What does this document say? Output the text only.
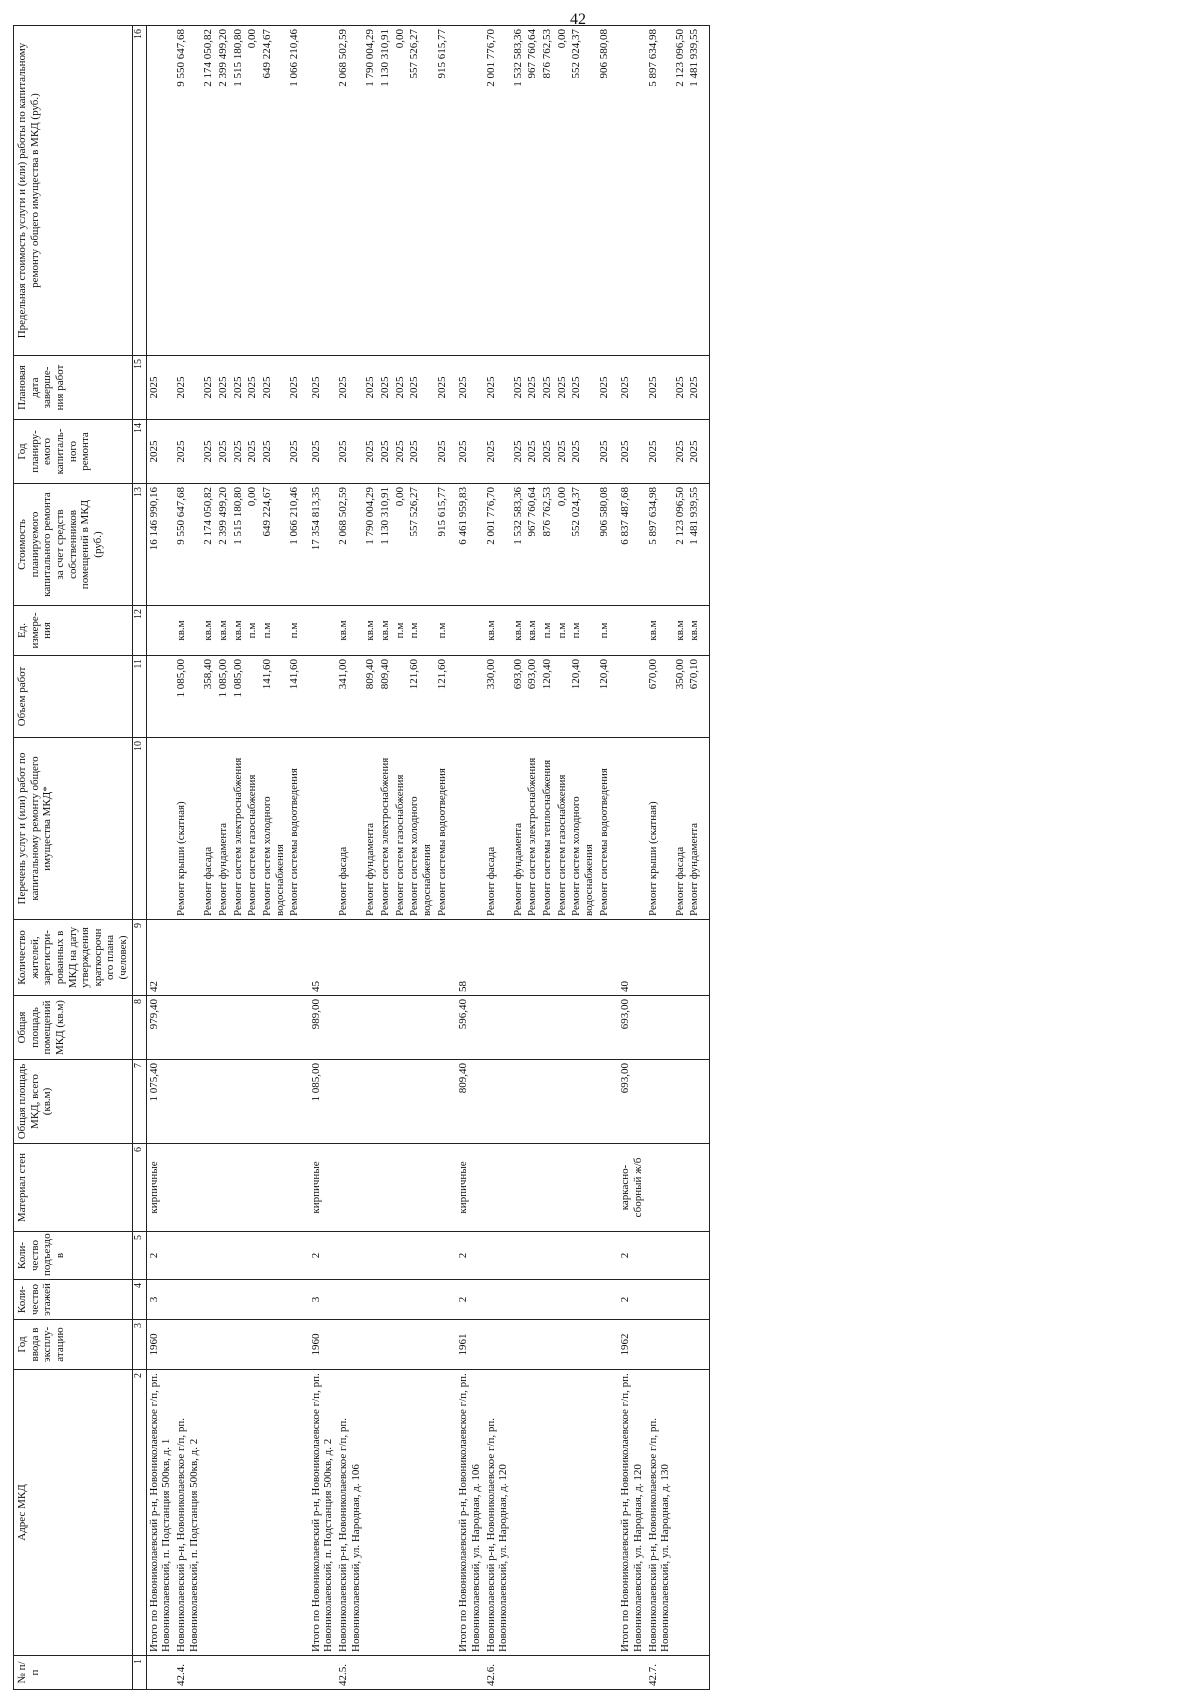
42
№ п/п	Адрес МКД	Год ввода в эксплу-атацию	Коли-чество этажей	Коли-чество подъездо в	Материал стен	Общая площадь МКД, всего (кв.м)	Общая площадь помещений МКД (кв.м)	Количество жителей, зарегистри-рованных в МКД на дату утверждения краткосрочн ого плана (человек)	Перечень услуг и (или) работ по капитальному ремонту общего имущества МКД*	Объем работ	Ед. измере-ния	Стоимость планируемого капитального ремонта за счет средств собственников помещений в МКД (руб.)	Год планиру-емого капиталь-ного ремонта	Плановая дата заверше-ния работ	Предельная стоимость услуги и (или) работы по капитальному ремонту общего имущества в МКД (руб.)
1	2	3	4	5	6	7	8	9	10	11	12	13	14	15	16
	Итого по Новониколаевский р-н, Новониколаевское г/п, рп. Новониколаевский, п. Подстанция 500кв, д. 1	1960	3	2	кирпичные	1 075,40	979,40	42				16 146 990,16	2025	2025	
42.4.	Новониколаевский р-н, Новониколаевское г/п, рп. Новониколаевский, п. Подстанция 500кв, д. 2								Ремонт крыши (скатная)	1 085,00	кв.м	9 550 647,68	2025	2025	9 550 647,68
									Ремонт фасада	358,40	кв.м	2 174 050,82	2025	2025	2 174 050,82
									Ремонт фундамента	1 085,00	кв.м	2 399 499,20	2025	2025	2 399 499,20
									Ремонт систем электроснабжения	1 085,00	кв.м	1 515 180,80	2025	2025	1 515 180,80
									Ремонт систем газоснабжения		п.м	0,00	2025	2025	0,00
									Ремонт систем холодного водоснабжения	141,60	п.м	649 224,67	2025	2025	649 224,67
									Ремонт системы водоотведения	141,60	п.м	1 066 210,46	2025	2025	1 066 210,46

	Итого по Новониколаевский р-н, Новониколаевское г/п, рп. Новониколаевский, п. Подстанция 500кв, д. 2	1960	3	2	кирпичные	1 085,00	989,00	45				17 354 813,35	2025	2025	
42.5.	Новониколаевский р-н, Новониколаевское г/п, рп. Новониколаевский, ул. Народная, д. 106								Ремонт фасада	341,00	кв.м	2 068 502,59	2025	2025	2 068 502,59
									Ремонт фундамента	809,40	кв.м	1 790 004,29	2025	2025	1 790 004,29
									Ремонт систем электроснабжения	809,40	кв.м	1 130 310,91	2025	2025	1 130 310,91
									Ремонт систем газоснабжения		п.м	0,00	2025	2025	0,00
									Ремонт систем холодного водоснабжения	121,60	п.м	557 526,27	2025	2025	557 526,27
									Ремонт системы водоотведения	121,60	п.м	915 615,77	2025	2025	915 615,77

	Итого по Новониколаевский р-н, Новониколаевское г/п, рп. Новониколаевский, ул. Народная, д. 106	1961	2	2	кирпичные	809,40	596,40	58				6 461 959,83	2025	2025	
42.6.	Новониколаевский р-н, Новониколаевское г/п, рп. Новониколаевский, ул. Народная, д. 120								Ремонт фасада	330,00	кв.м	2 001 776,70	2025	2025	2 001 776,70
									Ремонт фундамента	693,00	кв.м	1 532 583,36	2025	2025	1 532 583,36
									Ремонт систем электроснабжения	693,00	кв.м	967 760,64	2025	2025	967 760,64
									Ремонт системы теплоснабжения	120,40	п.м	876 762,53	2025	2025	876 762,53
									Ремонт систем газоснабжения		п.м	0,00	2025	2025	0,00
									Ремонт систем холодного водоснабжения	120,40	п.м	552 024,37	2025	2025	552 024,37
									Ремонт системы водоотведения	120,40	п.м	906 580,08	2025	2025	906 580,08

	Итого по Новониколаевский р-н, Новониколаевское г/п, рп. Новониколаевский, ул. Народная, д. 120	1962	2	2	каркасно-сборный ж/б	693,00	693,00	40				6 837 487,68	2025	2025	
42.7.	Новониколаевский р-н, Новониколаевское г/п, рп. Новониколаевский, ул. Народная, д. 130								Ремонт крыши (скатная)	670,00	кв.м	5 897 634,98	2025	2025	5 897 634,98
									Ремонт фасада	350,00	кв.м	2 123 096,50	2025	2025	2 123 096,50
									Ремонт фундамента	670,10	кв.м	1 481 939,55	2025	2025	1 481 939,55
